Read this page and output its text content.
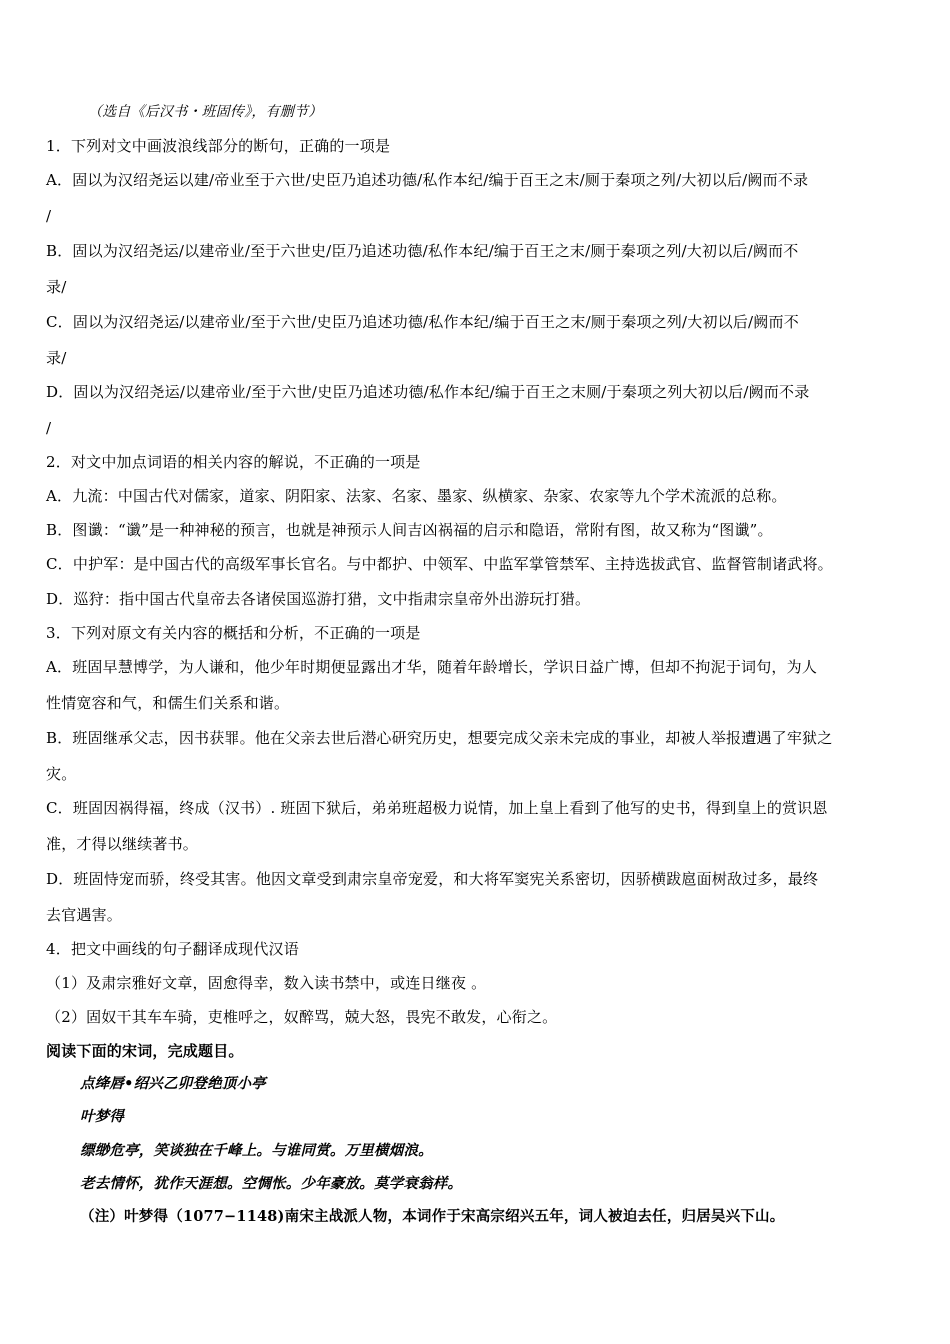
（选自《后汉书・班固传》，有删节）
1．下列对文中画波浪线部分的断句，正确的一项是
A．固以为汉绍尧运以建/帝业至于六世/史臣乃追述功德/私作本纪/编于百王之末/厕于秦项之列/大初以后/阙而不录
/
B．固以为汉绍尧运/以建帝业/至于六世史/臣乃追述功德/私作本纪/编于百王之末/厕于秦项之列/大初以后/阙而不
录/
C．固以为汉绍尧运/以建帝业/至于六世/史臣乃追述功德/私作本纪/编于百王之末/厕于秦项之列/大初以后/阙而不
录/
D．固以为汉绍尧运/以建帝业/至于六世/史臣乃追述功德/私作本纪/编于百王之末厕/于秦项之列大初以后/阙而不录
/
2．对文中加点词语的相关内容的解说，不正确的一项是
A．九流：中国古代对儒家，道家、阴阳家、法家、名家、墨家、纵横家、杂家、农家等九个学术流派的总称。
B．图谶：“谶”是一种神秘的预言，也就是神预示人间吉凶祸福的启示和隐语，常附有图，故又称为“图谶”。
C．中护军：是中国古代的高级军事长官名。与中都护、中领军、中监军掌管禁军、主持选拔武官、监督管制诸武将。
D．巡狩：指中国古代皇帝去各诸侯国巡游打猎，文中指肃宗皇帝外出游玩打猎。
3．下列对原文有关内容的概括和分析，不正确的一项是
A．班固早慧博学，为人谦和，他少年时期便显露出才华，随着年龄增长，学识日益广博，但却不拘泥于词句，为人
性情宽容和气，和儒生们关系和谐。
B．班固继承父志，因书获罪。他在父亲去世后潜心研究历史，想要完成父亲未完成的事业，却被人举报遭遇了牢狱之
灾。
C．班固因祸得福，终成（汉书）. 班固下狱后，弟弟班超极力说情，加上皇上看到了他写的史书，得到皇上的赏识恩
准，才得以继续著书。
D．班固恃宠而骄，终受其害。他因文章受到肃宗皇帝宠爱，和大将军窦宪关系密切，因骄横跋扈面树敌过多，最终
去官遇害。
4．把文中画线的句子翻译成现代汉语
（1）及肃宗雅好文章，固愈得幸，数入读书禁中，或连日继夜 。
（2）固奴干其车车骑，吏椎呼之，奴醉骂，兢大怒，畏宪不敢发，心衔之。
阅读下面的宋词，完成题目。
点绛唇•绍兴乙卯登绝顶小亭
叶梦得
缥缈危亭，笑谈独在千峰上。与谁同赏。万里横烟浪。
老去情怀，犹作天涯想。空惆怅。少年豪放。莫学衰翁样。
（注）叶梦得（1077−1148)南宋主战派人物，本词作于宋高宗绍兴五年，词人被迫去任，归居吴兴下山。
